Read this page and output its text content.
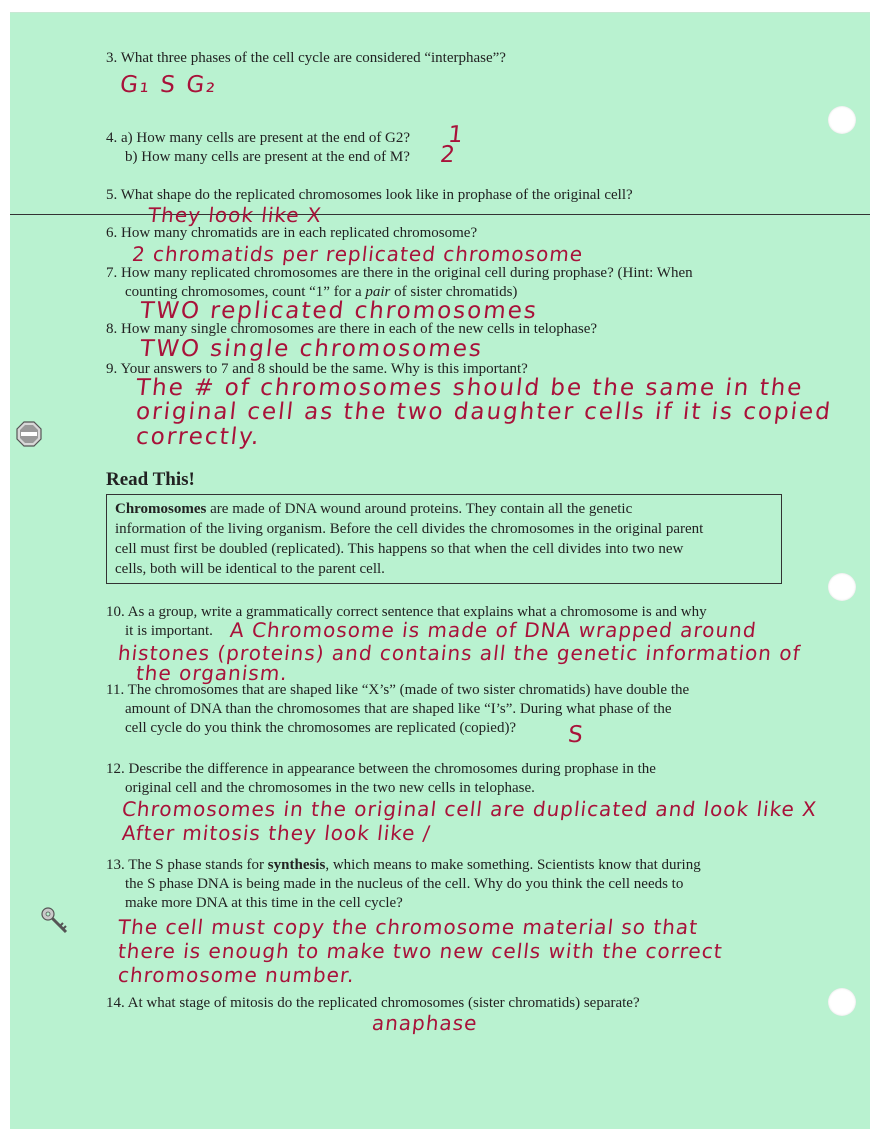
3. What three phases of the cell cycle are considered “interphase”?
G₁ S G₂
4. a) How many cells are present at the end of G2?	1
b) How many cells are present at the end of M?	2
5. What shape do the replicated chromosomes look like in prophase of the original cell?
They look like X
6. How many chromatids are in each replicated chromosome?
2 chromatids per replicated chromosome
7. How many replicated chromosomes are there in the original cell during prophase? (Hint: When
counting chromosomes, count “1” for a pair of sister chromatids)
TWO replicated chromosomes
8. How many single chromosomes are there in each of the new cells in telophase?
TWO single chromosomes
9. Your answers to 7 and 8 should be the same. Why is this important?
The # of chromosomes should be the same in the
original cell as the two daughter cells if it is copied
correctly.
Read This!
Chromosomes are made of DNA wound around proteins. They contain all the genetic
information of the living organism. Before the cell divides the chromosomes in the original parent
cell must first be doubled (replicated). This happens so that when the cell divides into two new
cells, both will be identical to the parent cell.
10. As a group, write a grammatically correct sentence that explains what a chromosome is and why
it is important. A Chromosome is made of DNA wrapped around
histones (proteins) and contains all the genetic information of
the organism.
11. The chromosomes that are shaped like “X’s” (made of two sister chromatids) have double the
amount of DNA than the chromosomes that are shaped like “I’s”. During what phase of the
cell cycle do you think the chromosomes are replicated (copied)?	S
12. Describe the difference in appearance between the chromosomes during prophase in the
original cell and the chromosomes in the two new cells in telophase.
Chromosomes in the original cell are duplicated and look like X
After mitosis they look like /
13. The S phase stands for synthesis, which means to make something. Scientists know that during
the S phase DNA is being made in the nucleus of the cell. Why do you think the cell needs to
make more DNA at this time in the cell cycle?
The cell must copy the chromosome material so that
there is enough to make two new cells with the correct
chromosome number.
14. At what stage of mitosis do the replicated chromosomes (sister chromatids) separate?
anaphase
